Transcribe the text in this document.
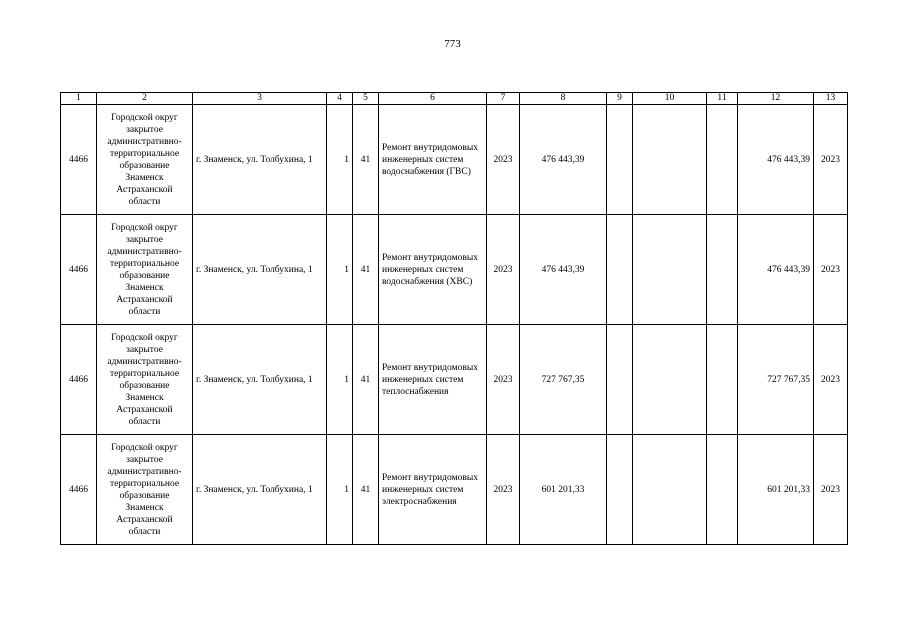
773
1	2	3	4	5	6	7	8	9	10	11	12	13
4466	Городской округ закрытое административно-территориальное образование Знаменск Астраханской области	г. Знаменск, ул. Толбухина, 1	1	41	Ремонт внутридомовых инженерных систем водоснабжения (ГВС)	2023	476 443,39				476 443,39	2023
4466	Городской округ закрытое административно-территориальное образование Знаменск Астраханской области	г. Знаменск, ул. Толбухина, 1	1	41	Ремонт внутридомовых инженерных систем водоснабжения (ХВС)	2023	476 443,39				476 443,39	2023
4466	Городской округ закрытое административно-территориальное образование Знаменск Астраханской области	г. Знаменск, ул. Толбухина, 1	1	41	Ремонт внутридомовых инженерных систем теплоснабжения	2023	727 767,35				727 767,35	2023
4466	Городской округ закрытое административно-территориальное образование Знаменск Астраханской области	г. Знаменск, ул. Толбухина, 1	1	41	Ремонт внутридомовых инженерных систем электроснабжения	2023	601 201,33				601 201,33	2023
